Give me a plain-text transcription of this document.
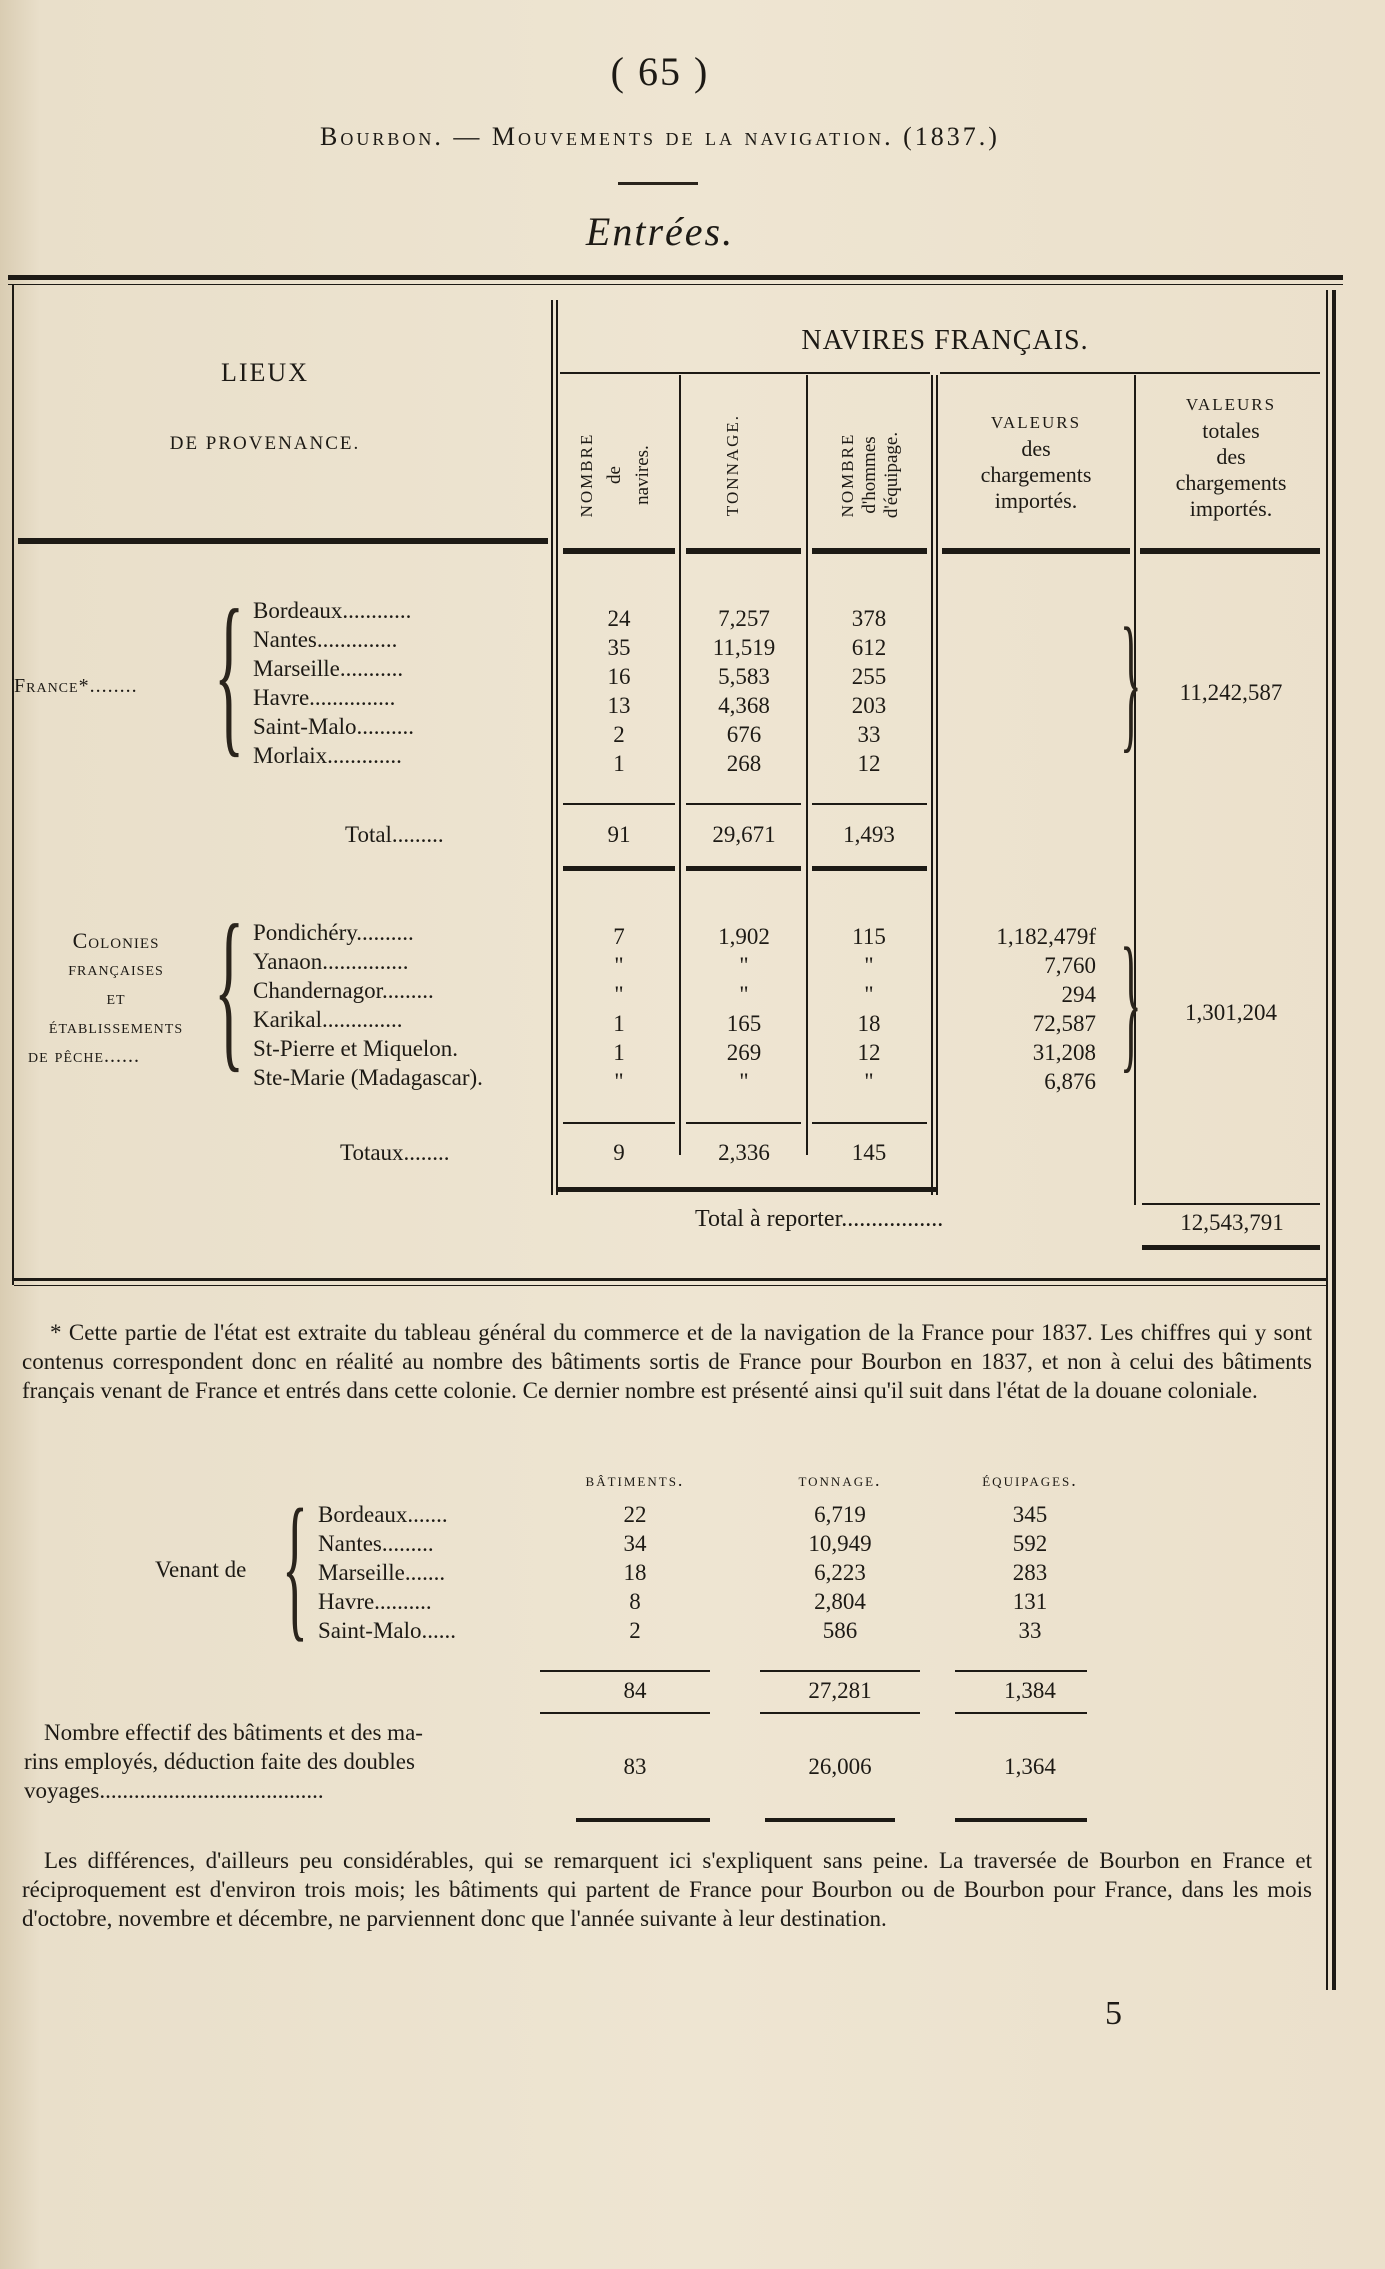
( 65 )
Bourbon. — Mouvements de la navigation. (1837.)
Entrées.
LIEUX
DE PROVENANCE.
NAVIRES FRANÇAIS.
NOMBRE de navires.	TONNAGE.	NOMBRE d'hommes d'équipage.
VALEURS
des
chargements
importés.
VALEURS
totales
des
chargements
importés.
France*........ { Bordeaux............	24	7,257	378
Nantes..............	35	11,519	612
Marseille...........	16	5,583	255
Havre...............	13	4,368	203
Saint-Malo..........	2	676	33
Morlaix.............	1	268	12
11,242,587
}
Total.........	91	29,671	1,493
Colonies
françaises
et
établissements
de pêche...... { Pondichéry..........	7	1,902	115	1,182,479f
Yanaon...............	"	"	"	7,760
Chandernagor.........	"	"	"	294
Karikal..............	1	165	18	72,587
St-Pierre et Miquelon.	1	269	12	31,208
Ste-Marie (Madagascar).	"	"	"	6,876
1,301,204
}
Totaux........	9	2,336	145
Total à reporter.................	12,543,791
* Cette partie de l'état est extraite du tableau général du commerce et de la navigation de la France pour 1837. Les chiffres qui y sont contenus correspondent donc en réalité au nombre des bâtiments sortis de France pour Bourbon en 1837, et non à celui des bâtiments français venant de France et entrés dans cette colonie. Ce dernier nombre est présenté ainsi qu'il suit dans l'état de la douane coloniale.
bâtiments.	tonnage.	équipages.
Venant de { Bordeaux.......	22	6,719	345
Nantes.........	34	10,949	592
Marseille.......	18	6,223	283
Havre..........	8	2,804	131
Saint-Malo......	2	586	33
84	27,281	1,384
Nombre effectif des bâtiments et des ma-
rins employés, déduction faite des doubles
voyages.......................................
83	26,006	1,364
Les différences, d'ailleurs peu considérables, qui se remarquent ici s'expliquent sans peine. La traversée de Bourbon en France et réciproquement est d'environ trois mois; les bâtiments qui partent de France pour Bourbon ou de Bourbon pour France, dans les mois d'octobre, novembre et décembre, ne parviennent donc que l'année suivante à leur destination.
5
